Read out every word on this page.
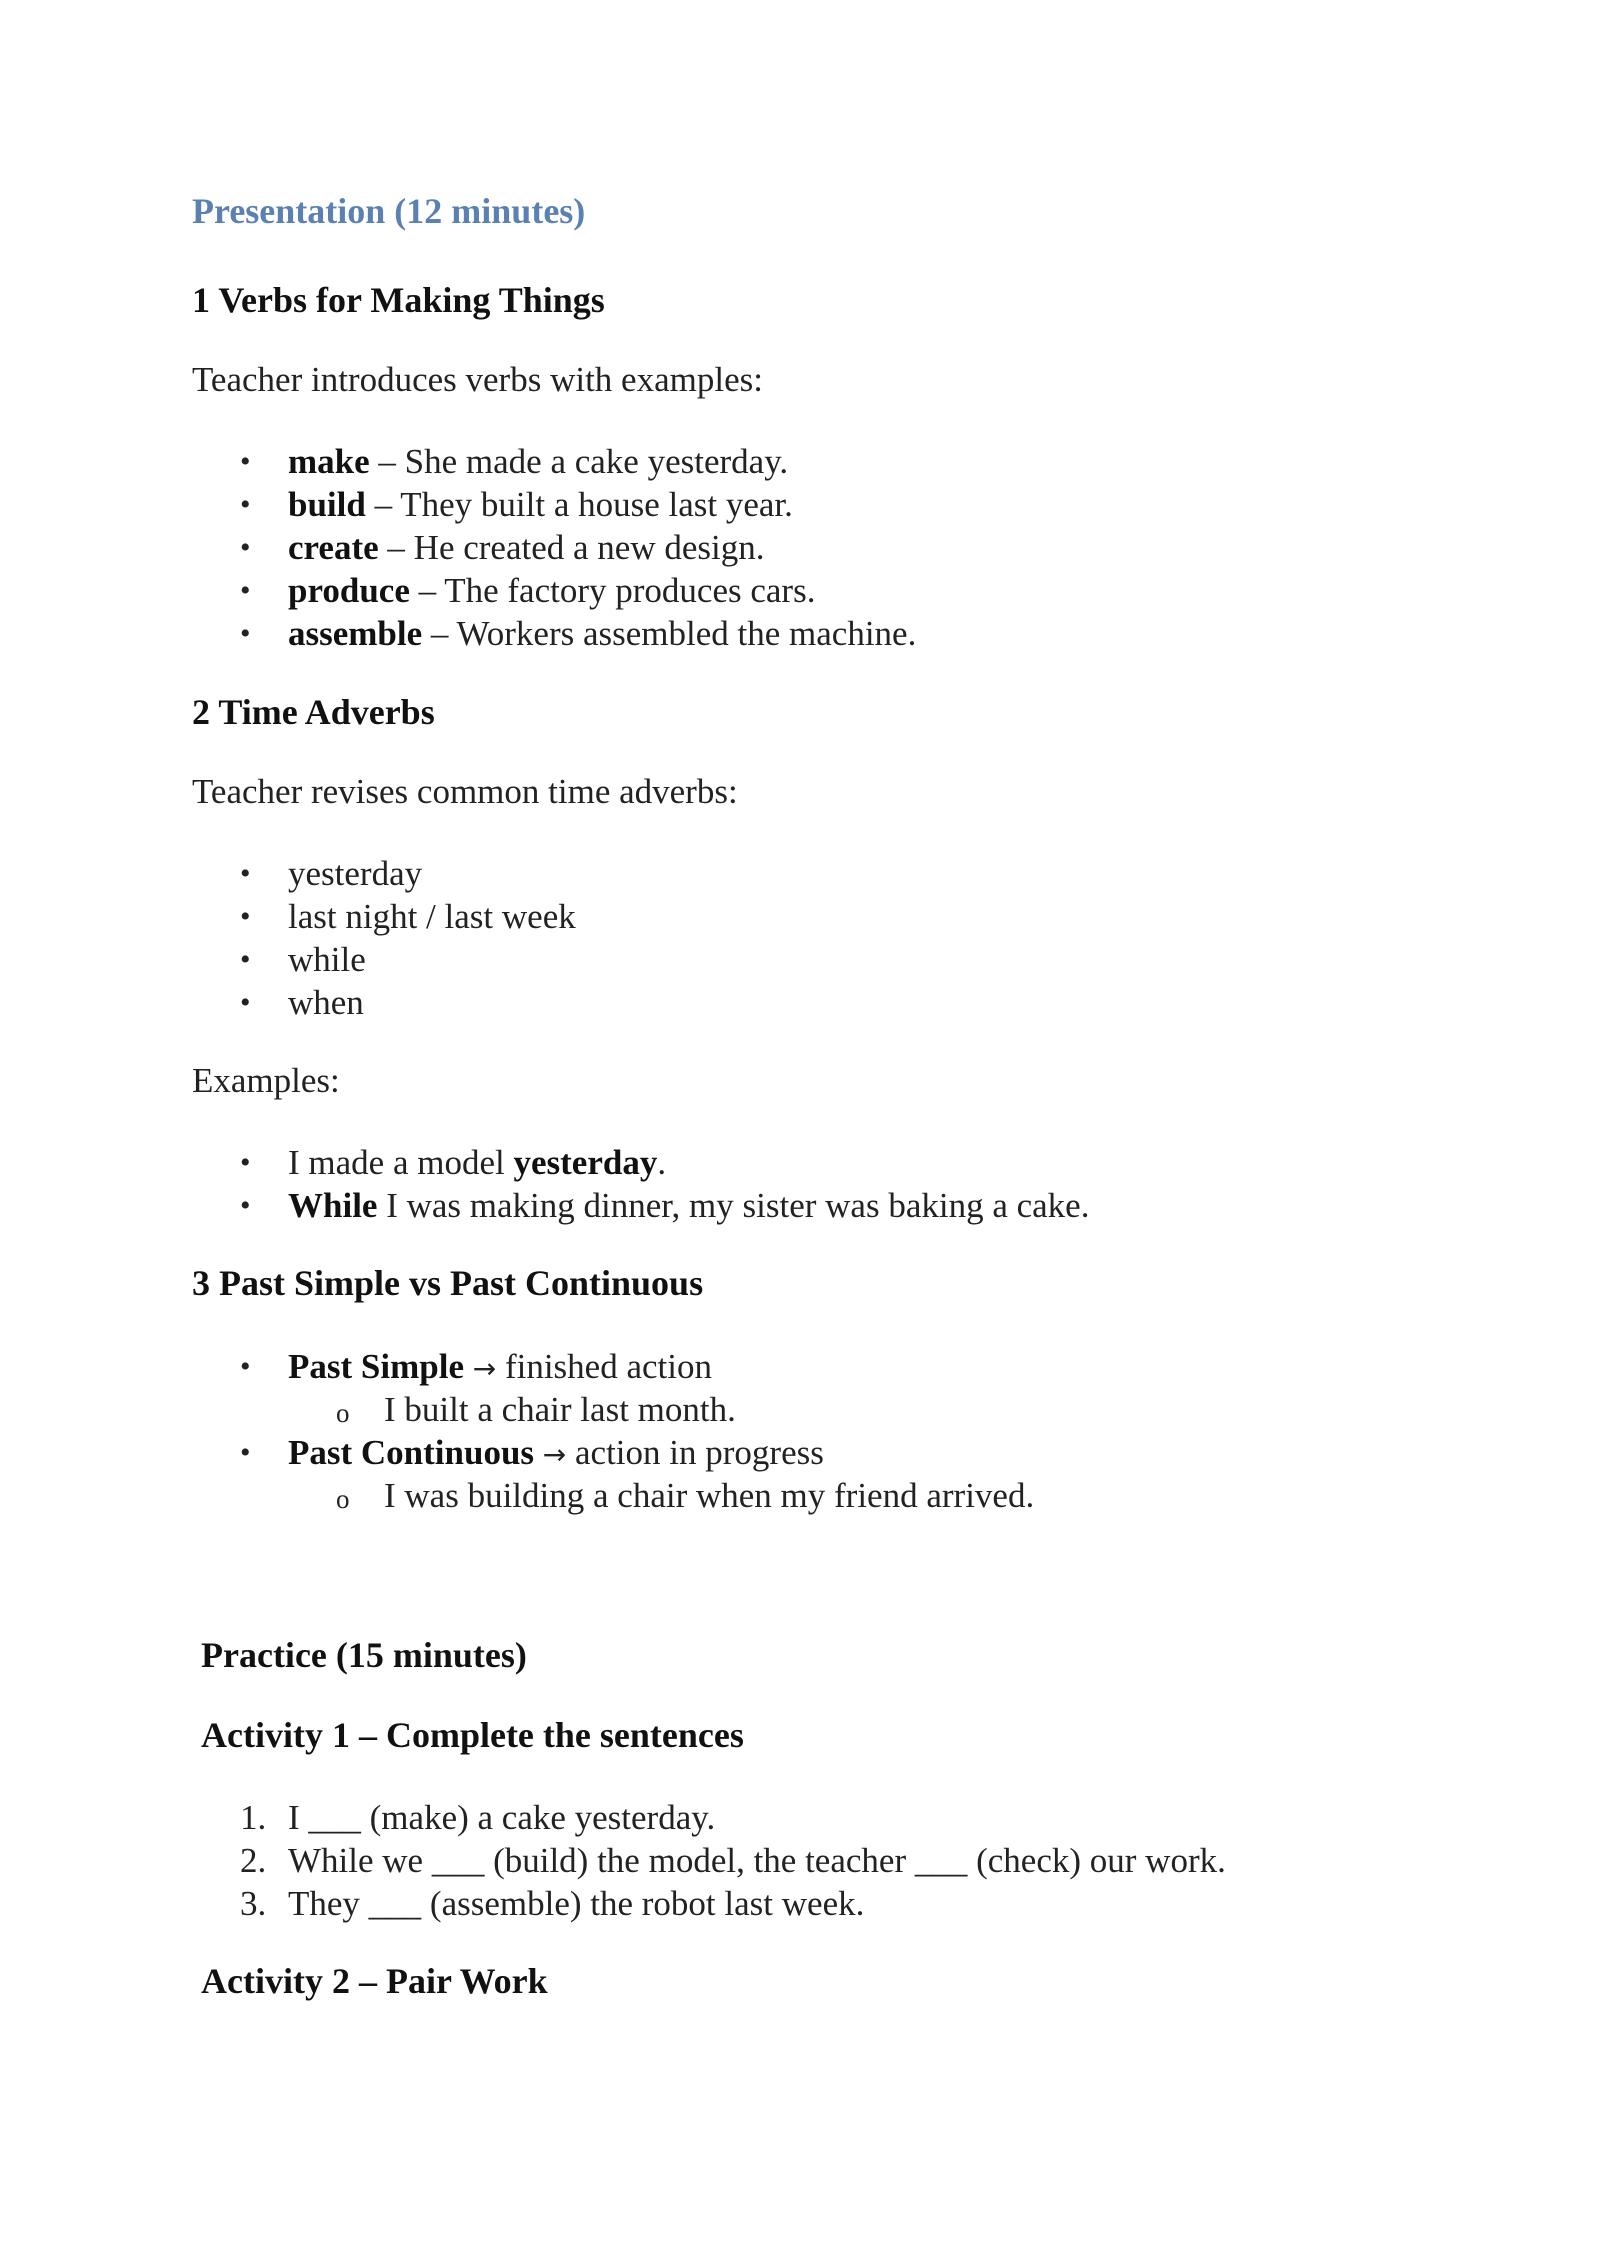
Presentation (12 minutes)
1 Verbs for Making Things

Teacher introduces verbs with examples:

• make – She made a cake yesterday.
• build – They built a house last year.
• create – He created a new design.
• produce – The factory produces cars.
• assemble – Workers assembled the machine.
2 Time Adverbs

Teacher revises common time adverbs:

• yesterday
• last night / last week
• while
• when

Examples:

• I made a model yesterday.
• While I was making dinner, my sister was baking a cake.
3 Past Simple vs Past Continuous
• Past Simple → finished action
o I built a chair last month.
• Past Continuous → action in progress
o I was building a chair when my friend arrived.
Practice (15 minutes)
Activity 1 – Complete the sentences
1. I ___ (make) a cake yesterday.
2. While we ___ (build) the model, the teacher ___ (check) our work.
3. They ___ (assemble) the robot last week.
Activity 2 – Pair Work
